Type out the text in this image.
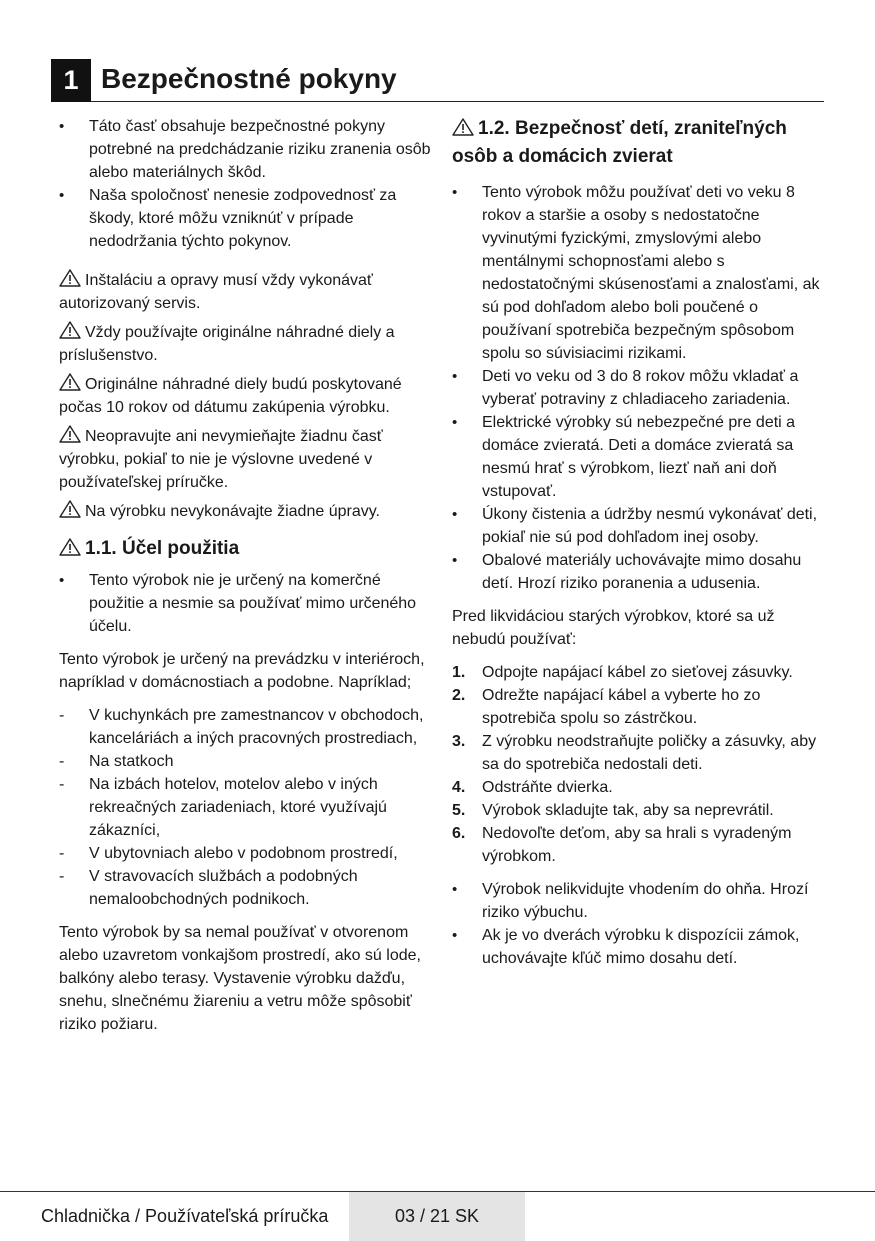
1 Bezpečnostné pokyny
•	Táto časť obsahuje bezpečnostné pokyny potrebné na predchádzanie riziku zranenia osôb alebo materiálnych škôd.
•	Naša spoločnosť nenesie zodpovednosť za škody, ktoré môžu vzniknúť v prípade nedodržania týchto pokynov.

Inštaláciu a opravy musí vždy vykonávať autorizovaný servis.

Vždy používajte originálne náhradné diely a príslušenstvo.

Originálne náhradné diely budú poskytované počas 10 rokov od dátumu zakúpenia výrobku.

Neopravujte ani nevymieňajte žiadnu časť výrobku, pokiaľ to nie je výslovne uvedené v používateľskej príručke.

Na výrobku nevykonávajte žiadne úpravy.

1.1. Účel použitia
•	Tento výrobok nie je určený na komerčné použitie a nesmie sa používať mimo určeného účelu.

Tento výrobok je určený na prevádzku v interiéroch, napríklad v domácnostiach a podobne. Napríklad;

-	V kuchynkách pre zamestnancov v obchodoch, kanceláriách a iných pracovných prostrediach,
-	Na statkoch
-	Na izbách hotelov, motelov alebo v iných rekreačných zariadeniach, ktoré využívajú zákazníci,
-	V ubytovniach alebo v podobnom prostredí,
-	V stravovacích službách a podobných nemaloobchodných podnikoch.

Tento výrobok by sa nemal používať v otvorenom alebo uzavretom vonkajšom prostredí, ako sú lode, balkóny alebo terasy. Vystavenie výrobku dažďu, snehu, slnečnému žiareniu a vetru môže spôsobiť riziko požiaru.

1.2. Bezpečnosť detí, zraniteľných osôb a domácich zvierat
•	Tento výrobok môžu používať deti vo veku 8 rokov a staršie a osoby s nedostatočne vyvinutými fyzickými, zmyslovými alebo mentálnymi schopnosťami alebo s nedostatočnými skúsenosťami a znalosťami, ak sú pod dohľadom alebo boli poučené o používaní spotrebiča bezpečným spôsobom spolu so súvisiacimi rizikami.
•	Deti vo veku od 3 do 8 rokov môžu vkladať a vyberať potraviny z chladiaceho zariadenia.
•	Elektrické výrobky sú nebezpečné pre deti a domáce zvieratá. Deti a domáce zvieratá sa nesmú hrať s výrobkom, liezť naň ani doň vstupovať.
•	Úkony čistenia a údržby nesmú vykonávať deti, pokiaľ nie sú pod dohľadom inej osoby.
•	Obalové materiály uchovávajte mimo dosahu detí. Hrozí riziko poranenia a udusenia.

Pred likvidáciou starých výrobkov, ktoré sa už nebudú používať:

1.	Odpojte napájací kábel zo sieťovej zásuvky.
2.	Odrežte napájací kábel a vyberte ho zo spotrebiča spolu so zástrčkou.
3.	Z výrobku neodstraňujte poličky a zásuvky, aby sa do spotrebiča nedostali deti.
4.	Odstráňte dvierka.
5.	Výrobok skladujte tak, aby sa neprevrátil.
6.	Nedovoľte deťom, aby sa hrali s vyradeným výrobkom.
•	Výrobok nelikvidujte vhodením do ohňa. Hrozí riziko výbuchu.
•	Ak je vo dverách výrobku k dispozícii zámok, uchovávajte kľúč mimo dosahu detí.
Chladnička / Používateľská príručka	03 / 21 SK
